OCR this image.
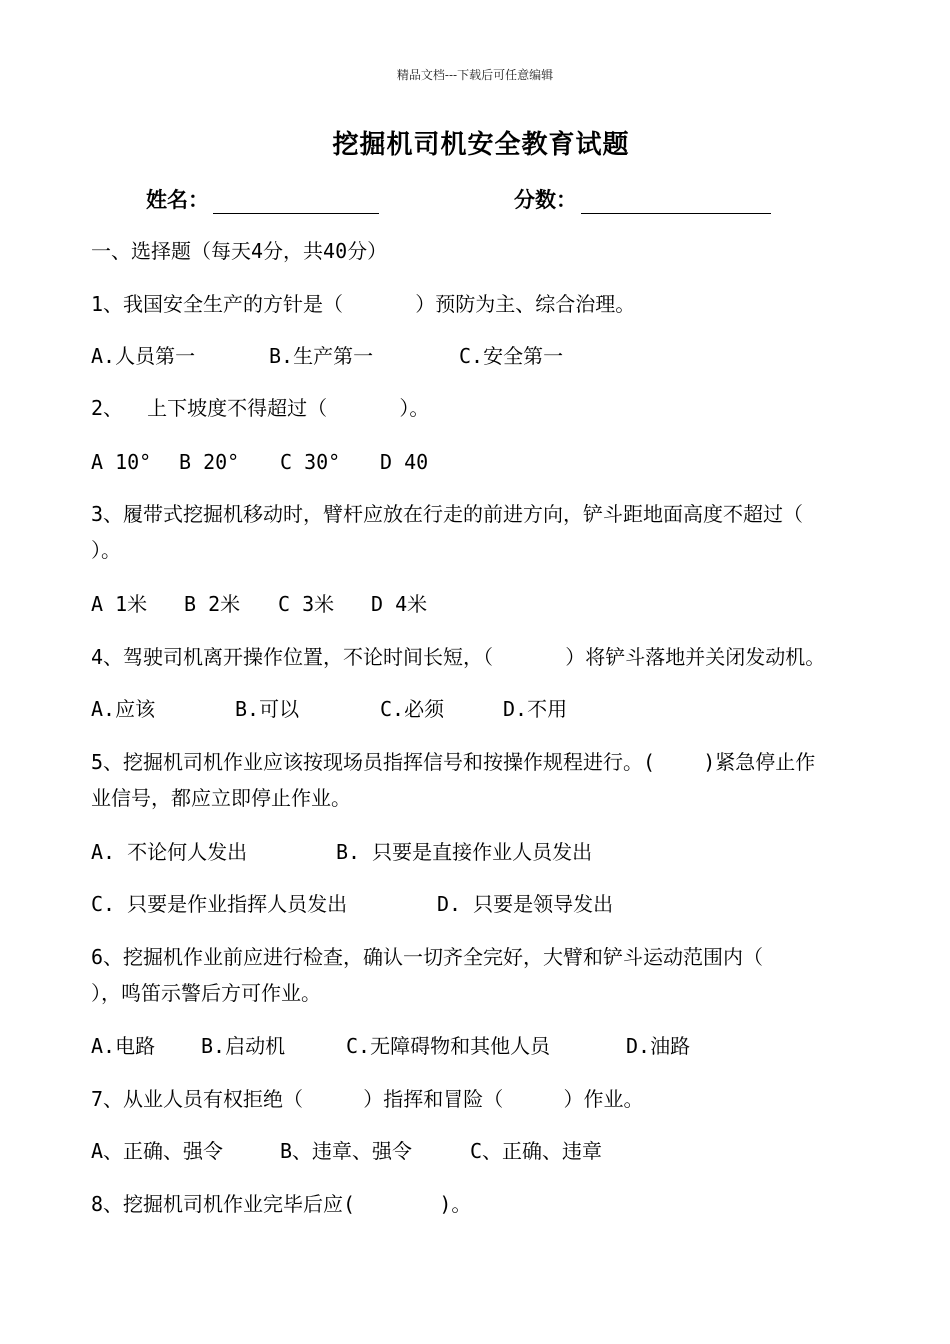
精品文档---下载后可任意编辑
挖掘机司机安全教育试题
姓名：	分数：
一、选择题（每天4分，共40分）
1、我国安全生产的方针是（      ）预防为主、综合治理。
A.人员第一	B.生产第一	C.安全第一
2、  上下坡度不得超过（      ）。
A 10° B 20° C 30° D 40
3、履带式挖掘机移动时，臂杆应放在行走的前进方向，铲斗距地面高度不超过（
）。
A 1米 B 2米 C 3米 D 4米
4、驾驶司机离开操作位置，不论时间长短，（      ）将铲斗落地并关闭发动机。
A.应该	B.可以	C.必须	D.不用
5、挖掘机司机作业应该按现场员指挥信号和按操作规程进行。(    )紧急停止作
业信号，都应立即停止作业。
A. 不论何人发出	B. 只要是直接作业人员发出
C. 只要是作业指挥人员发出	D. 只要是领导发出
6、挖掘机作业前应进行检查，确认一切齐全完好，大臂和铲斗运动范围内（
），鸣笛示警后方可作业。
A.电路 B.启动机	C.无障碍物和其他人员	D.油路
7、从业人员有权拒绝（     ）指挥和冒险（     ）作业。
A、正确、强令	B、违章、强令	C、正确、违章
8、挖掘机司机作业完毕后应(       )。
